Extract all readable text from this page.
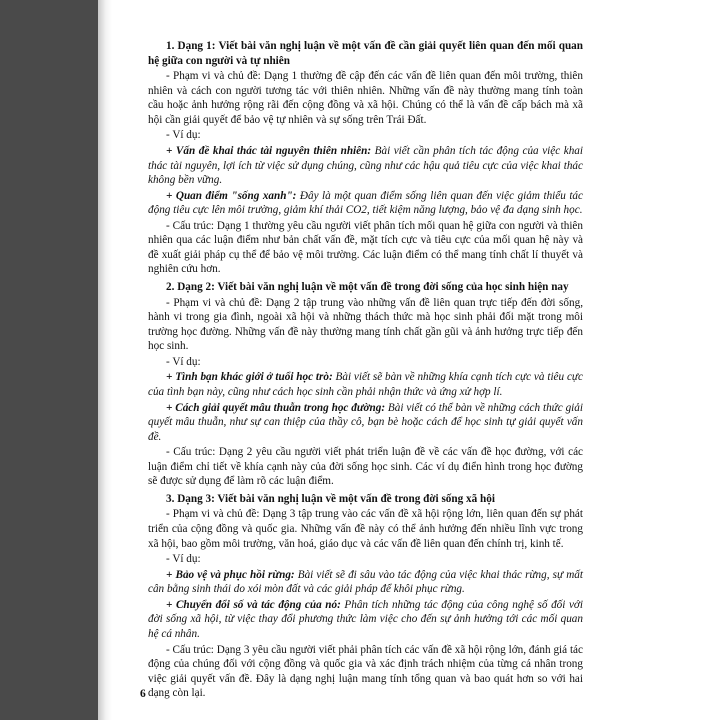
1. Dạng 1: Viết bài văn nghị luận về một vấn đề cần giải quyết liên quan đến mối quan hệ giữa con người và tự nhiên

- Phạm vi và chủ đề: Dạng 1 thường đề cập đến các vấn đề liên quan đến môi trường, thiên nhiên và cách con người tương tác với thiên nhiên. Những vấn đề này thường mang tính toàn cầu hoặc ảnh hưởng rộng rãi đến cộng đồng và xã hội. Chúng có thể là vấn đề cấp bách mà xã hội cần giải quyết để bảo vệ tự nhiên và sự sống trên Trái Đất.

- Ví dụ:

+ Vấn đề khai thác tài nguyên thiên nhiên: Bài viết cần phân tích tác động của việc khai thác tài nguyên, lợi ích từ việc sử dụng chúng, cũng như các hậu quả tiêu cực của việc khai thác không bền vững.

+ Quan điểm "sống xanh": Đây là một quan điểm sống liên quan đến việc giảm thiểu tác động tiêu cực lên môi trường, giảm khí thải CO2, tiết kiệm năng lượng, bảo vệ đa dạng sinh học.

- Cấu trúc: Dạng 1 thường yêu cầu người viết phân tích mối quan hệ giữa con người và thiên nhiên qua các luận điểm như bản chất vấn đề, mặt tích cực và tiêu cực của mối quan hệ này và đề xuất giải pháp cụ thể để bảo vệ môi trường. Các luận điểm có thể mang tính chất lí thuyết và nghiên cứu hơn.

2. Dạng 2: Viết bài văn nghị luận về một vấn đề trong đời sống của học sinh hiện nay

- Phạm vi và chủ đề: Dạng 2 tập trung vào những vấn đề liên quan trực tiếp đến đời sống, hành vi trong gia đình, ngoài xã hội và những thách thức mà học sinh phải đối mặt trong môi trường học đường. Những vấn đề này thường mang tính chất gần gũi và ảnh hưởng trực tiếp đến học sinh.

- Ví dụ:

+ Tình bạn khác giới ở tuổi học trò: Bài viết sẽ bàn về những khía cạnh tích cực và tiêu cực của tình bạn này, cũng như cách học sinh cần phải nhận thức và ứng xử hợp lí.

+ Cách giải quyết mâu thuẫn trong học đường: Bài viết có thể bàn về những cách thức giải quyết mâu thuẫn, như sự can thiệp của thầy cô, bạn bè hoặc cách để học sinh tự giải quyết vấn đề.

- Cấu trúc: Dạng 2 yêu cầu người viết phát triển luận đề về các vấn đề học đường, với các luận điểm chỉ tiết về khía cạnh này của đời sống học sinh. Các ví dụ điển hình trong học đường sẽ được sử dụng để làm rõ các luận điểm.

3. Dạng 3: Viết bài văn nghị luận về một vấn đề trong đời sống xã hội

- Phạm vi và chủ đề: Dạng 3 tập trung vào các vấn đề xã hội rộng lớn, liên quan đến sự phát triển của cộng đồng và quốc gia. Những vấn đề này có thể ảnh hưởng đến nhiều lĩnh vực trong xã hội, bao gồm môi trường, văn hoá, giáo dục và các vấn đề liên quan đến chính trị, kinh tế.

- Ví dụ:

+ Bảo vệ và phục hồi rừng: Bài viết sẽ đi sâu vào tác động của việc khai thác rừng, sự mất cân bằng sinh thái do xói mòn đất và các giải pháp để khôi phục rừng.

+ Chuyển đổi số và tác động của nó: Phân tích những tác động của công nghệ số đối với đời sống xã hội, từ việc thay đổi phương thức làm việc cho đến sự ảnh hưởng tới các mối quan hệ cá nhân.

- Cấu trúc: Dạng 3 yêu cầu người viết phải phân tích các vấn đề xã hội rộng lớn, đánh giá tác động của chúng đối với cộng đồng và quốc gia và xác định trách nhiệm của từng cá nhân trong việc giải quyết vấn đề. Đây là dạng nghị luận mang tính tổng quan và bao quát hơn so với hai dạng còn lại.

6
